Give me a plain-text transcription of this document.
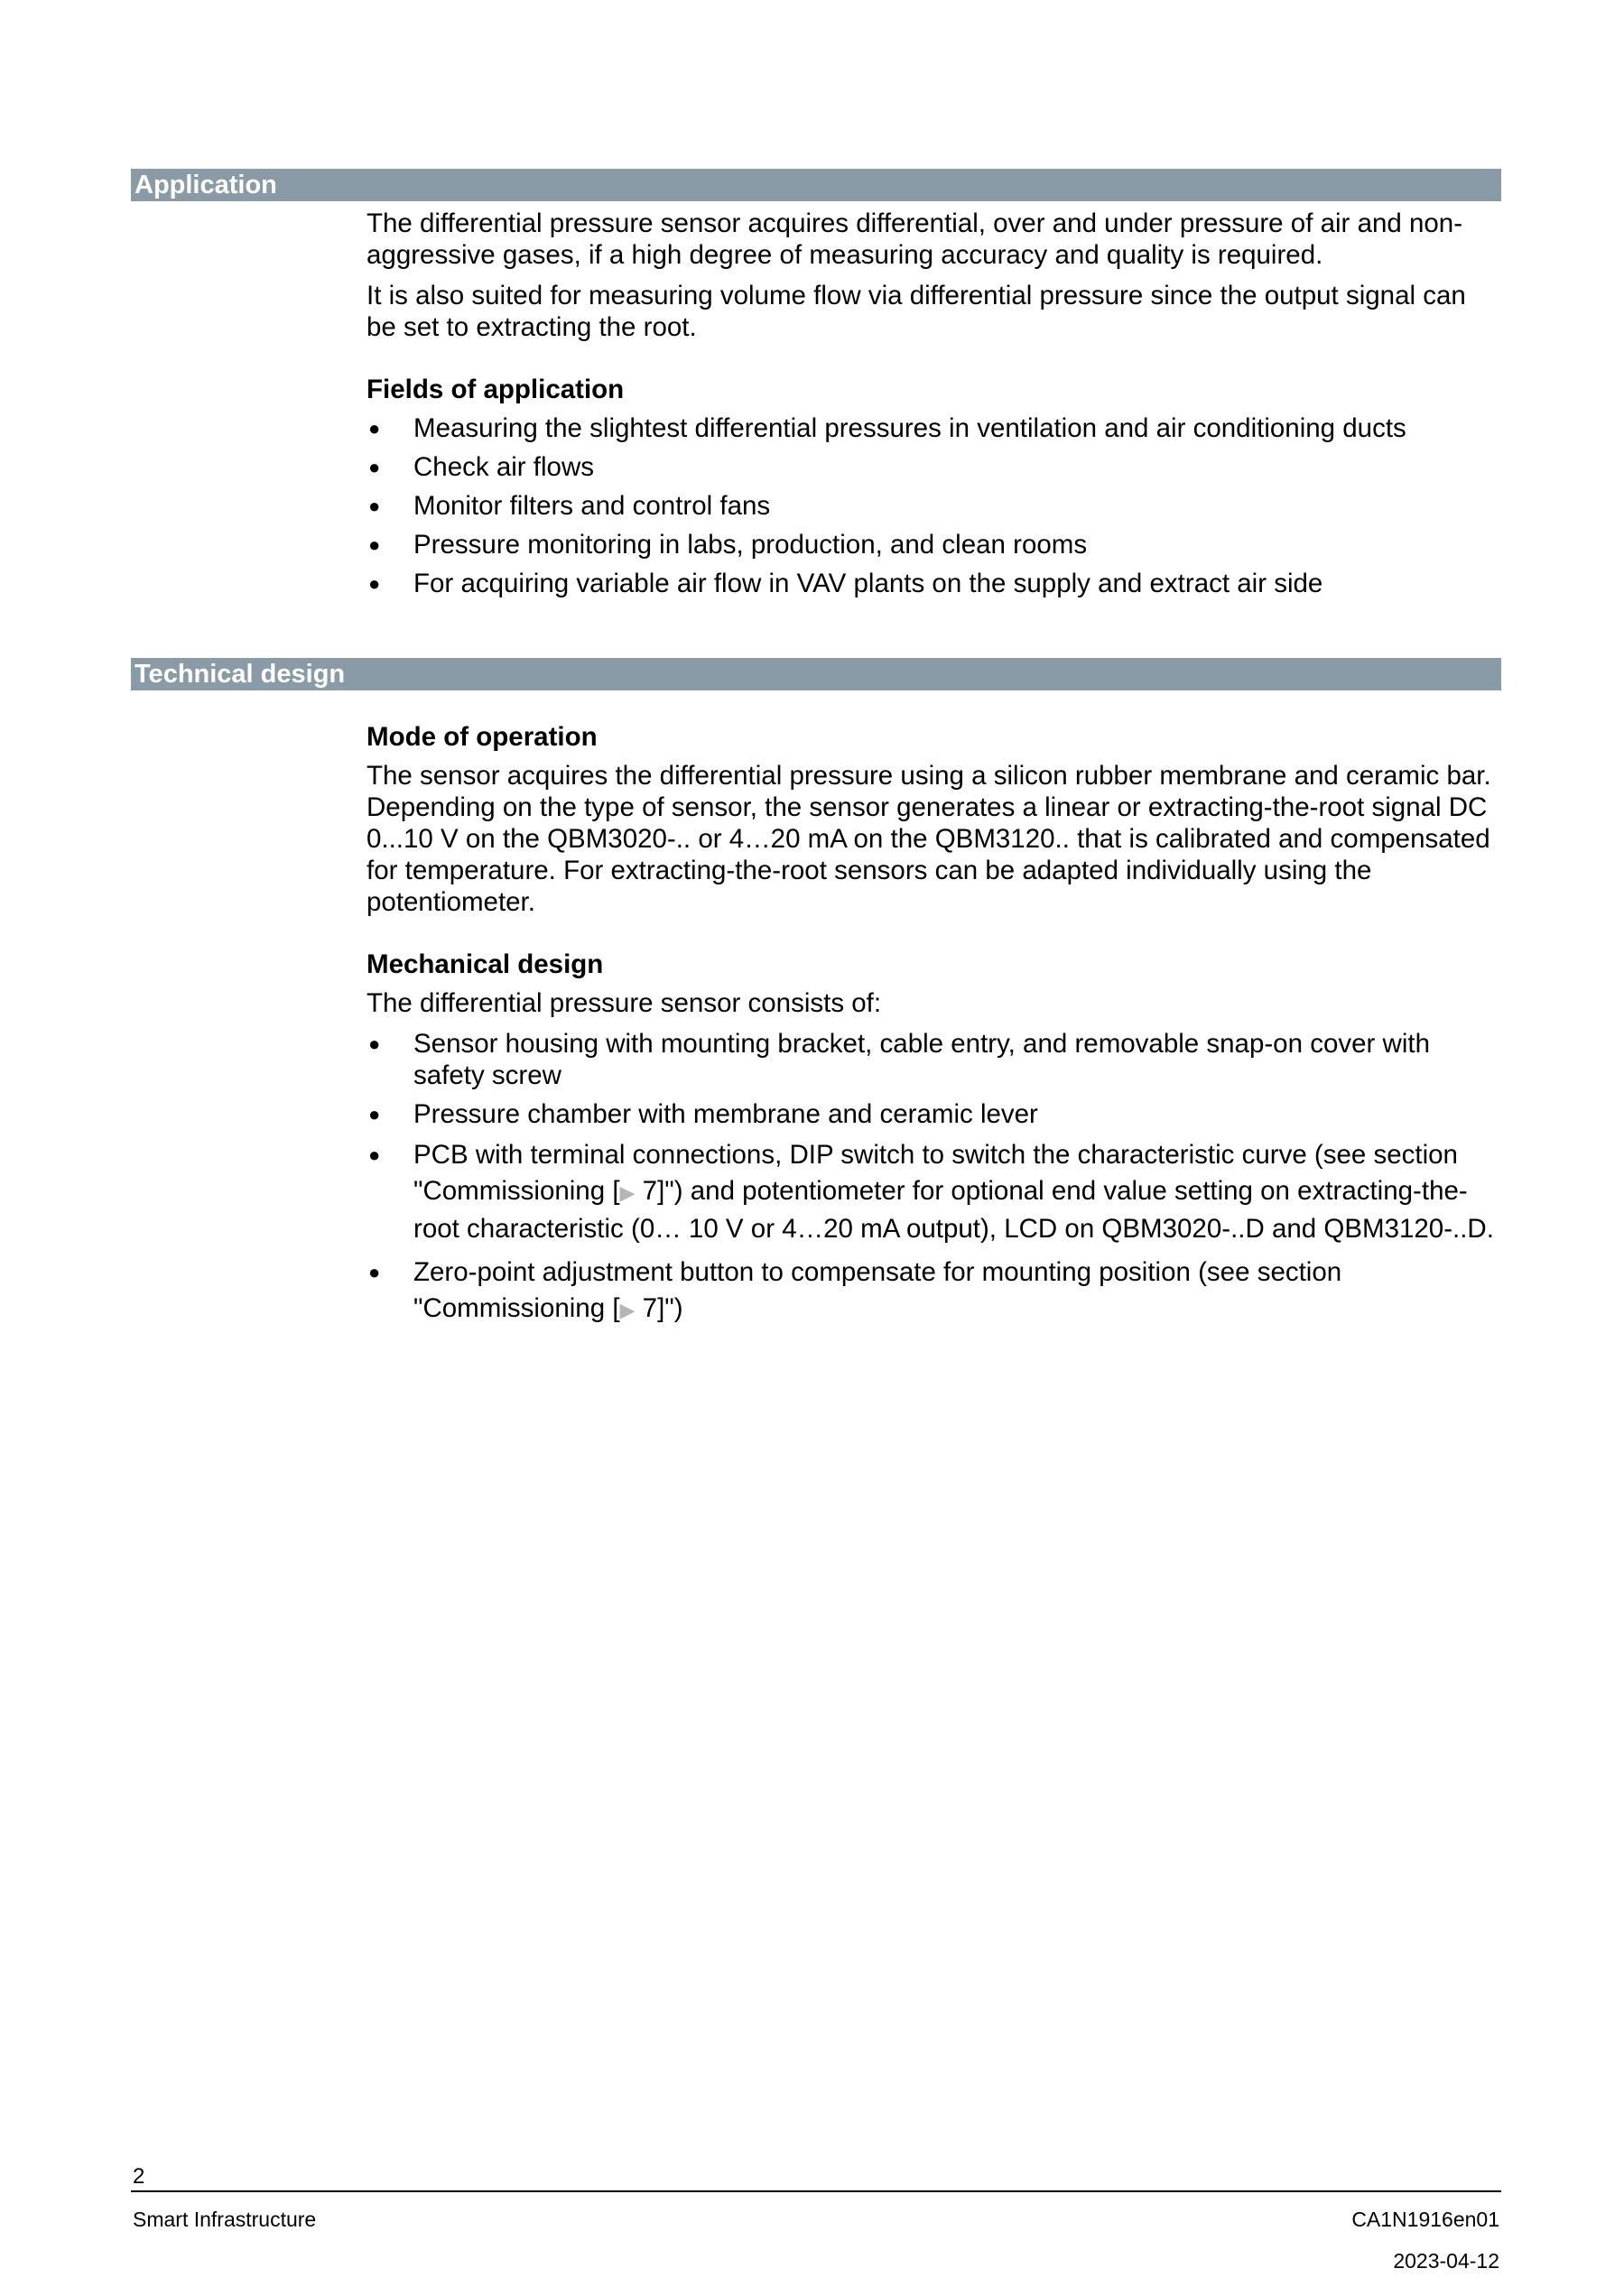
Application

The differential pressure sensor acquires differential, over and under pressure of air and non-aggressive gases, if a high degree of measuring accuracy and quality is required.

It is also suited for measuring volume flow via differential pressure since the output signal can be set to extracting the root.

Fields of application
● Measuring the slightest differential pressures in ventilation and air conditioning ducts
● Check air flows
● Monitor filters and control fans
● Pressure monitoring in labs, production, and clean rooms
● For acquiring variable air flow in VAV plants on the supply and extract air side
Technical design
Mode of operation

The sensor acquires the differential pressure using a silicon rubber membrane and ceramic bar. Depending on the type of sensor, the sensor generates a linear or extracting-the-root signal DC 0...10 V on the QBM3020-.. or 4…20 mA on the QBM3120.. that is calibrated and compensated for temperature. For extracting-the-root sensors can be adapted individually using the potentiometer.

Mechanical design

The differential pressure sensor consists of:

● Sensor housing with mounting bracket, cable entry, and removable snap-on cover with safety screw
● Pressure chamber with membrane and ceramic lever
● PCB with terminal connections, DIP switch to switch the characteristic curve (see section "Commissioning [▶ 7]") and potentiometer for optional end value setting on extracting-the-root characteristic (0… 10 V or 4…20 mA output), LCD on QBM3020-..D and QBM3120-..D.
● Zero-point adjustment button to compensate for mounting position (see section "Commissioning [▶ 7]")
2
Smart Infrastructure	CA1N1916en01
2023-04-12
